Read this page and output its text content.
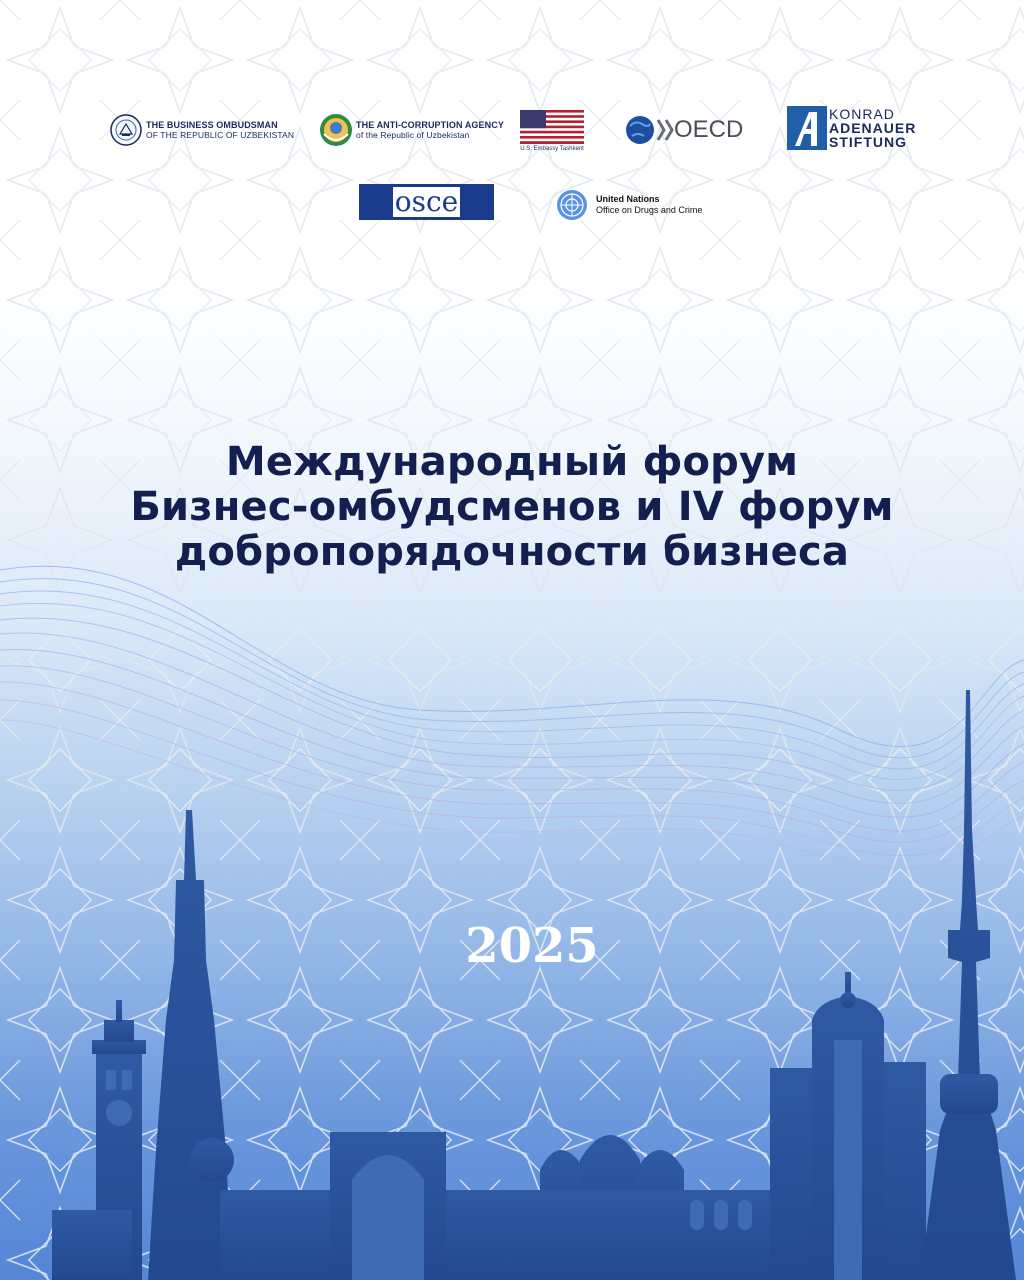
THE BUSINESS OMBUDSMAN
OF THE REPUBLIC OF UZBEKISTAN
THE ANTI-CORRUPTION AGENCY
of the Republic of Uzbekistan
U.S. Embassy Tashkent
OECD
KONRAD
ADENAUER
STIFTUNG
osce	United Nations
Office on Drugs and Crime
Международный форум
Бизнес-омбудсменов и IV форум
добропорядочности бизнеса
2025
